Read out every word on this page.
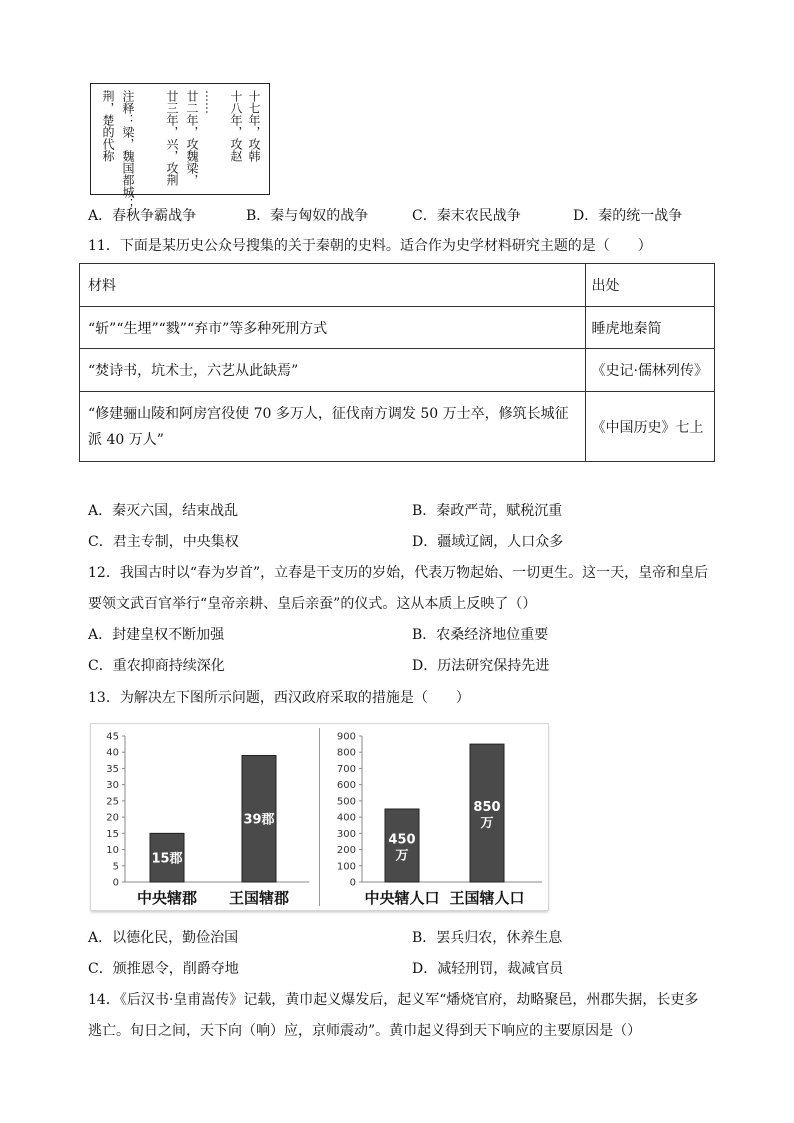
十七年，攻韩
十八年，攻赵
……
廿二年，攻魏梁，
廿三年，兴，攻荆
注释：梁，魏国都城；
荆，楚的代称
A．春秋争霸战争	B．秦与匈奴的战争	C．秦末农民战争	D．秦的统一战争
11．下面是某历史公众号搜集的关于秦朝的史料。适合作为史学材料研究主题的是（　　）
材料	出处
“斩”“生埋”“戮”“弃市”等多种死刑方式	睡虎地秦简
“焚诗书，坑术士，六艺从此缺焉”	《史记·儒林列传》
“修建骊山陵和阿房宫役使 70 多万人，征伐南方调发 50 万士卒，修筑长城征派 40 万人”	《中国历史》七上
A．秦灭六国，结束战乱	B．秦政严苛，赋税沉重
C．君主专制，中央集权	D．疆域辽阔，人口众多
12．我国古时以“春为岁首”，立春是干支历的岁始，代表万物起始、一切更生。这一天，皇帝和皇后
要领文武百官举行“皇帝亲耕、皇后亲蚕”的仪式。这从本质上反映了（）
A．封建皇权不断加强	B．农桑经济地位重要
C．重农抑商持续深化	D．历法研究保持先进
13．为解决左下图所示问题，西汉政府采取的措施是（　　）
0
5
10
15
20
25
30
35
40
45
15郡
中央辖郡
39郡
王国辖郡
0
100
200
300
400
500
600
700
800
900
450
万
中央辖人口
850
万
王国辖人口
A．以德化民，勤俭治国	B．罢兵归农，休养生息
C．颁推恩令，削爵夺地	D．减轻刑罚，裁减官员
14．《后汉书·皇甫嵩传》记载，黄巾起义爆发后，起义军“燔烧官府，劫略聚邑，州郡失据，长吏多
逃亡。旬日之间，天下向（响）应，京师震动”。黄巾起义得到天下响应的主要原因是（）
